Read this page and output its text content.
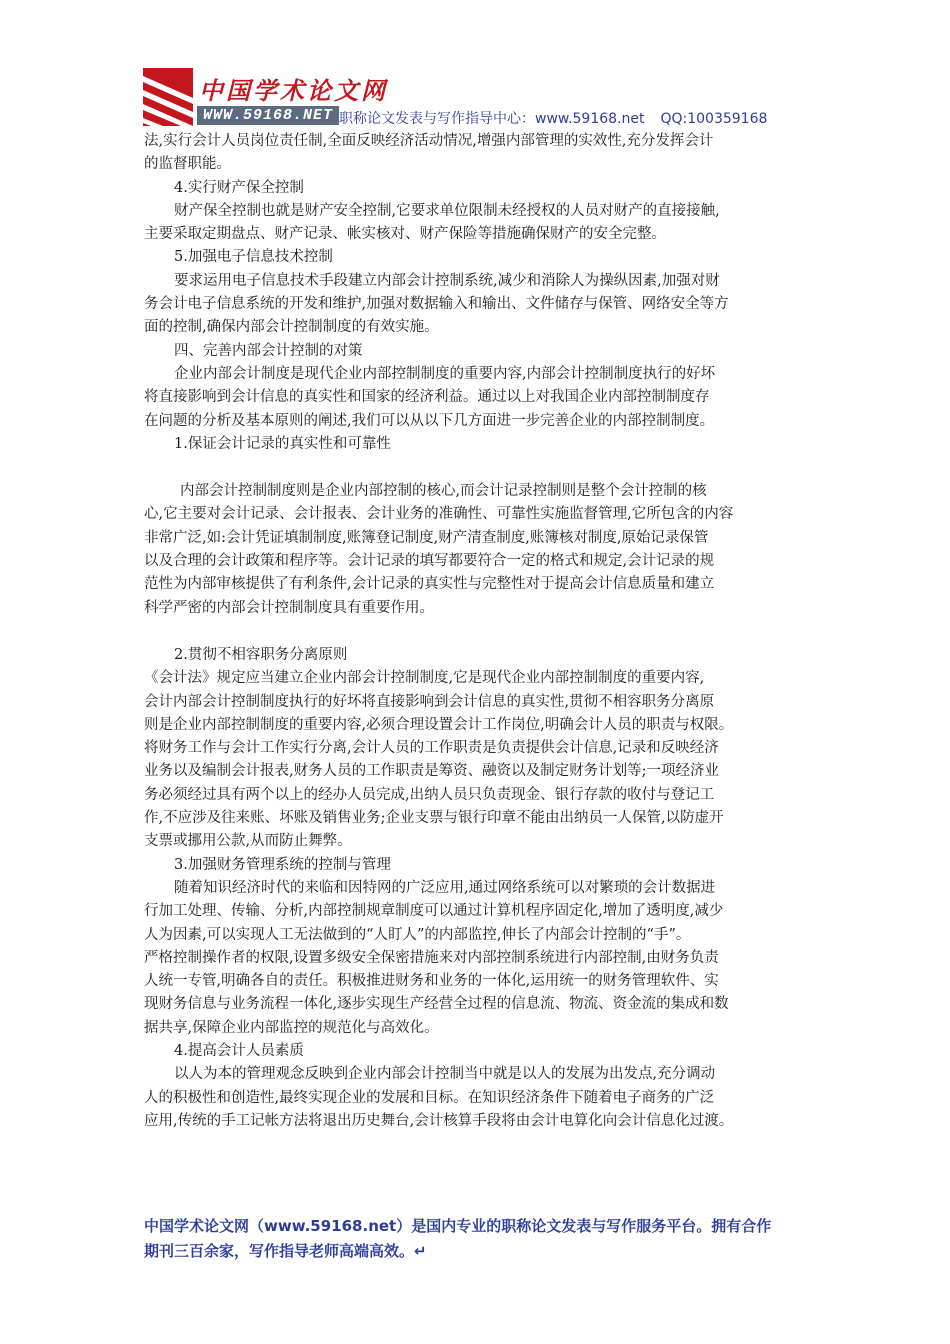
中国学术论文网
WWW.59168.NET 职称论文发表与写作指导中心：www.59168.net QQ:100359168

法,实行会计人员岗位责任制,全面反映经济活动情况,增强内部管理的实效性,充分发挥会计

的监督职能。

4.实行财产保全控制

财产保全控制也就是财产安全控制,它要求单位限制未经授权的人员对财产的直接接触,

主要采取定期盘点、财产记录、帐实核对、财产保险等措施确保财产的安全完整。

5.加强电子信息技术控制

要求运用电子信息技术手段建立内部会计控制系统,减少和消除人为操纵因素,加强对财

务会计电子信息系统的开发和维护,加强对数据输入和输出、文件储存与保管、网络安全等方

面的控制,确保内部会计控制制度的有效实施。

四、完善内部会计控制的对策

企业内部会计制度是现代企业内部控制制度的重要内容,内部会计控制制度执行的好坏

将直接影响到会计信息的真实性和国家的经济利益。通过以上对我国企业内部控制制度存

在问题的分析及基本原则的阐述,我们可以从以下几方面进一步完善企业的内部控制制度。

1.保证会计记录的真实性和可靠性

内部会计控制制度则是企业内部控制的核心,而会计记录控制则是整个会计控制的核

心,它主要对会计记录、会计报表、会计业务的准确性、可靠性实施监督管理,它所包含的内容

非常广泛,如:会计凭证填制制度,账簿登记制度,财产清查制度,账簿核对制度,原始记录保管

以及合理的会计政策和程序等。会计记录的填写都要符合一定的格式和规定,会计记录的规

范性为内部审核提供了有利条件,会计记录的真实性与完整性对于提高会计信息质量和建立

科学严密的内部会计控制制度具有重要作用。

2.贯彻不相容职务分离原则

《会计法》规定应当建立企业内部会计控制制度,它是现代企业内部控制制度的重要内容,

会计内部会计控制制度执行的好坏将直接影响到会计信息的真实性,贯彻不相容职务分离原

则是企业内部控制制度的重要内容,必须合理设置会计工作岗位,明确会计人员的职责与权限。

将财务工作与会计工作实行分离,会计人员的工作职责是负责提供会计信息,记录和反映经济

业务以及编制会计报表,财务人员的工作职责是筹资、融资以及制定财务计划等;一项经济业

务必须经过具有两个以上的经办人员完成,出纳人员只负责现金、银行存款的收付与登记工

作,不应涉及往来账、坏账及销售业务;企业支票与银行印章不能由出纳员一人保管,以防虚开

支票或挪用公款,从而防止舞弊。

3.加强财务管理系统的控制与管理

随着知识经济时代的来临和因特网的广泛应用,通过网络系统可以对繁琐的会计数据进

行加工处理、传输、分析,内部控制规章制度可以通过计算机程序固定化,增加了透明度,减少

人为因素,可以实现人工无法做到的“人盯人”的内部监控,伸长了内部会计控制的“手”。

严格控制操作者的权限,设置多级安全保密措施来对内部控制系统进行内部控制,由财务负责

人统一专管,明确各自的责任。积极推进财务和业务的一体化,运用统一的财务管理软件、实

现财务信息与业务流程一体化,逐步实现生产经营全过程的信息流、物流、资金流的集成和数

据共享,保障企业内部监控的规范化与高效化。

4.提高会计人员素质

以人为本的管理观念反映到企业内部会计控制当中就是以人的发展为出发点,充分调动

人的积极性和创造性,最终实现企业的发展和目标。在知识经济条件下随着电子商务的广泛

应用,传统的手工记帐方法将退出历史舞台,会计核算手段将由会计电算化向会计信息化过渡。

中国学术论文网（www.59168.net）是国内专业的职称论文发表与写作服务平台。拥有合作

期刊三百余家，写作指导老师高端高效。↵
